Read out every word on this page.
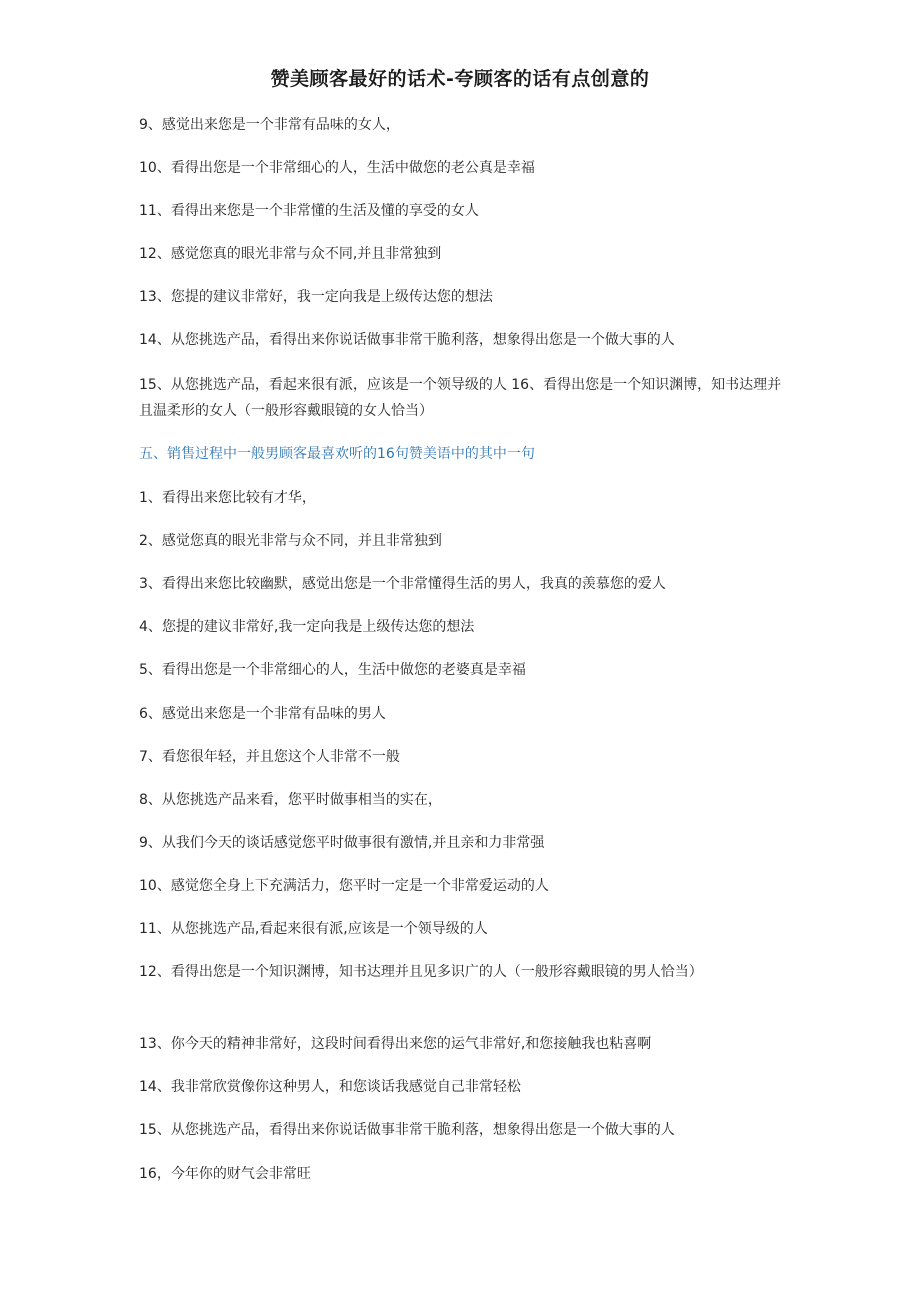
赞美顾客最好的话术-夸顾客的话有点创意的
9、感觉出来您是一个非常有品味的女人，
10、看得出您是一个非常细心的人，生活中做您的老公真是幸福
11、看得出来您是一个非常懂的生活及懂的享受的女人
12、感觉您真的眼光非常与众不同,并且非常独到
13、您提的建议非常好，我一定向我是上级传达您的想法
14、从您挑选产品，看得出来你说话做事非常干脆利落，想象得出您是一个做大事的人
15、从您挑选产品，看起来很有派，应该是一个领导级的人 16、看得出您是一个知识渊博，知书达理并且温柔形的女人（一般形容戴眼镜的女人恰当）
五、销售过程中一般男顾客最喜欢听的16句赞美语中的其中一句
1、看得出来您比较有才华，
2、感觉您真的眼光非常与众不同，并且非常独到
3、看得出来您比较幽默，感觉出您是一个非常懂得生活的男人，我真的羡慕您的爱人
4、您提的建议非常好,我一定向我是上级传达您的想法
5、看得出您是一个非常细心的人，生活中做您的老婆真是幸福
6、感觉出来您是一个非常有品味的男人
7、看您很年轻，并且您这个人非常不一般
8、从您挑选产品来看，您平时做事相当的实在，
9、从我们今天的谈话感觉您平时做事很有激情,并且亲和力非常强
10、感觉您全身上下充满活力，您平时一定是一个非常爱运动的人
11、从您挑选产品,看起来很有派,应该是一个领导级的人
12、看得出您是一个知识渊博，知书达理并且见多识广的人（一般形容戴眼镜的男人恰当）
13、你今天的精神非常好，这段时间看得出来您的运气非常好,和您接触我也粘喜啊
14、我非常欣赏像你这种男人，和您谈话我感觉自己非常轻松
15、从您挑选产品，看得出来你说话做事非常干脆利落，想象得出您是一个做大事的人
16，今年你的财气会非常旺
